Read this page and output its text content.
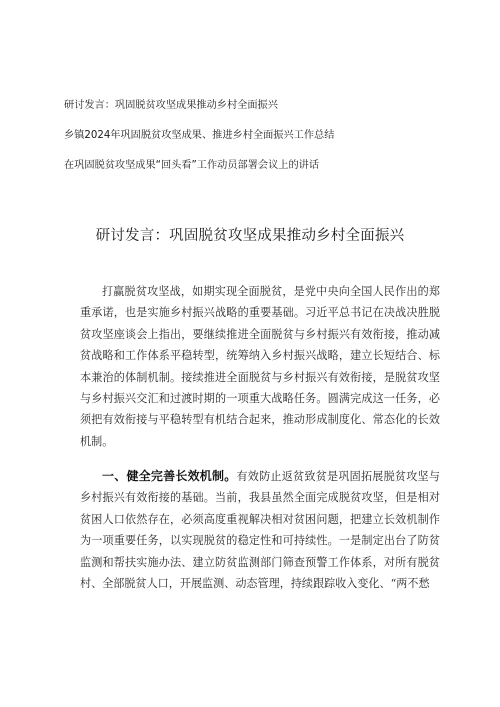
研讨发言：巩固脱贫攻坚成果推动乡村全面振兴
乡镇2024年巩固脱贫攻坚成果、推进乡村全面振兴工作总结
在巩固脱贫攻坚成果“回头看”工作动员部署会议上的讲话
研讨发言：巩固脱贫攻坚成果推动乡村全面振兴
打赢脱贫攻坚战，如期实现全面脱贫，是党中央向全国人民作出的郑重承诺，也是实施乡村振兴战略的重要基础。习近平总书记在决战决胜脱贫攻坚座谈会上指出，要继续推进全面脱贫与乡村振兴有效衔接，推动减贫战略和工作体系平稳转型，统筹纳入乡村振兴战略，建立长短结合、标本兼治的体制机制。接续推进全面脱贫与乡村振兴有效衔接，是脱贫攻坚与乡村振兴交汇和过渡时期的一项重大战略任务。圆满完成这一任务，必须把有效衔接与平稳转型有机结合起来，推动形成制度化、常态化的长效机制。
一、健全完善长效机制。有效防止返贫致贫是巩固拓展脱贫攻坚与乡村振兴有效衔接的基础。当前，我县虽然全面完成脱贫攻坚，但是相对贫困人口依然存在，必须高度重视解决相对贫困问题，把建立长效机制作为一项重要任务，以实现脱贫的稳定性和可持续性。一是制定出台了防贫监测和帮扶实施办法、建立防贫监测部门筛查预警工作体系，对所有脱贫村、全部脱贫人口，开展监测、动态管理，持续跟踪收入变化、“两不愁
